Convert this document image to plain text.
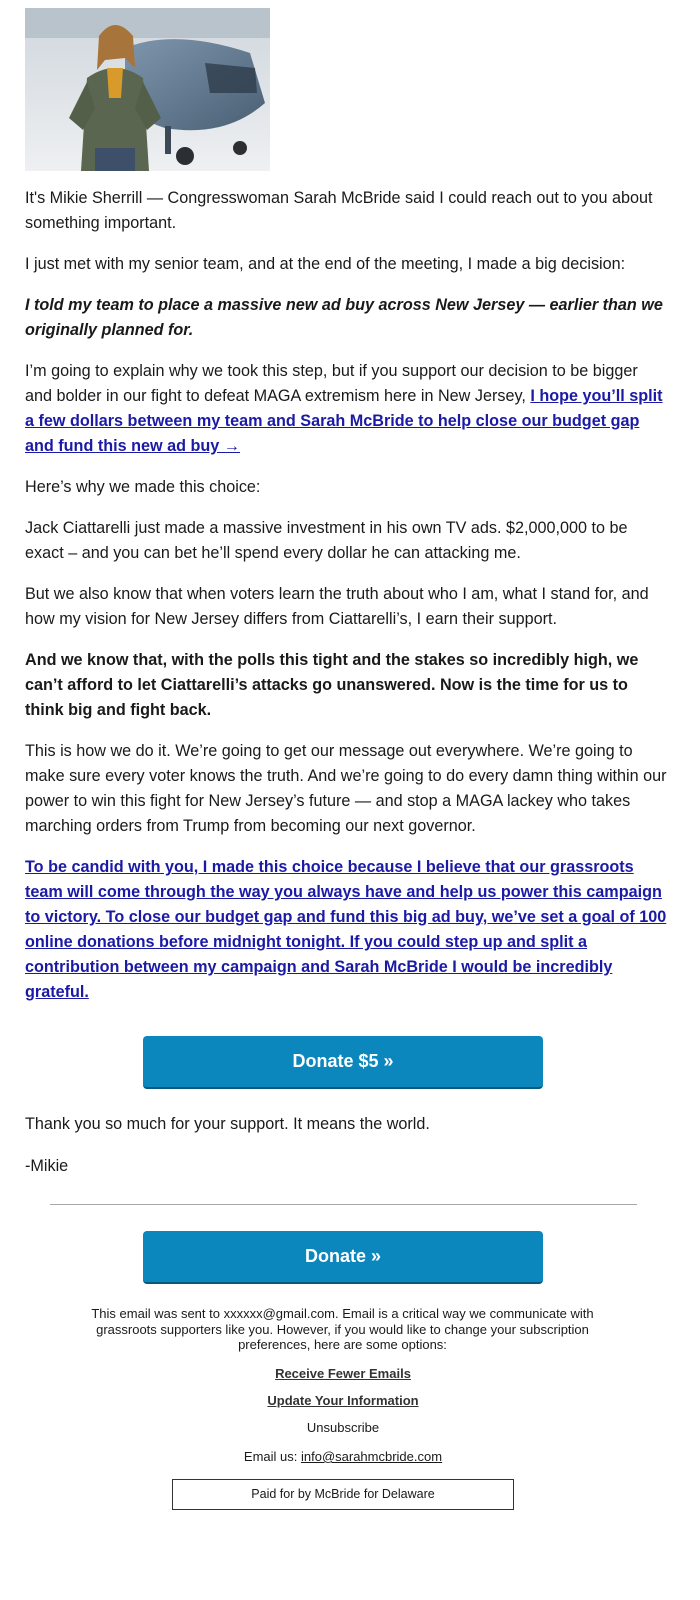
It's Mikie Sherrill — Congresswoman Sarah McBride said I could reach out to you about something important.

I just met with my senior team, and at the end of the meeting, I made a big decision:

I told my team to place a massive new ad buy across New Jersey — earlier than we originally planned for.

I’m going to explain why we took this step, but if you support our decision to be bigger and bolder in our fight to defeat MAGA extremism here in New Jersey, I hope you’ll split a few dollars between my team and Sarah McBride to help close our budget gap and fund this new ad buy →

Here’s why we made this choice:

Jack Ciattarelli just made a massive investment in his own TV ads. $2,000,000 to be exact – and you can bet he’ll spend every dollar he can attacking me.

But we also know that when voters learn the truth about who I am, what I stand for, and how my vision for New Jersey differs from Ciattarelli’s, I earn their support.

And we know that, with the polls this tight and the stakes so incredibly high, we can’t afford to let Ciattarelli’s attacks go unanswered. Now is the time for us to think big and fight back.

This is how we do it. We’re going to get our message out everywhere. We’re going to make sure every voter knows the truth. And we’re going to do every damn thing within our power to win this fight for New Jersey’s future — and stop a MAGA lackey who takes marching orders from Trump from becoming our next governor.

To be candid with you, I made this choice because I believe that our grassroots team will come through the way you always have and help us power this campaign to victory. To close our budget gap and fund this big ad buy, we’ve set a goal of 100 online donations before midnight tonight. If you could step up and split a contribution between my campaign and Sarah McBride I would be incredibly grateful.

Donate $5 »
Thank you so much for your support. It means the world.
-Mikie
Donate »
This email was sent to xxxxxx@gmail.com. Email is a critical way we communicate with grassroots supporters like you. However, if you would like to change your subscription preferences, here are some options:
Receive Fewer Emails
Update Your Information
Unsubscribe
Email us: info@sarahmcbride.com
Paid for by McBride for Delaware
